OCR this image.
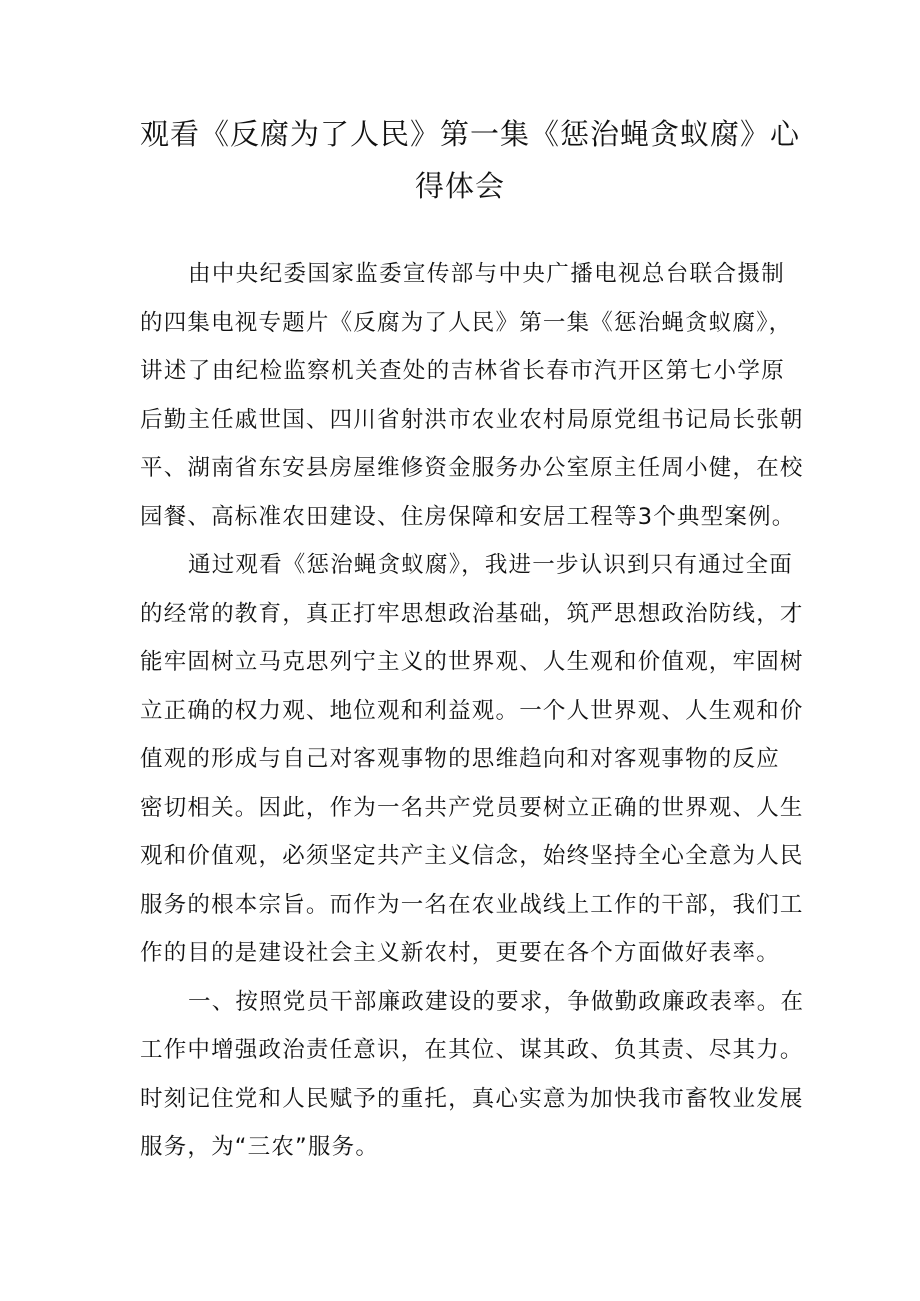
观看《反腐为了人民》第一集《惩治蝇贪蚁腐》心
得体会
由中央纪委国家监委宣传部与中央广播电视总台联合摄制
的四集电视专题片《反腐为了人民》第一集《惩治蝇贪蚁腐》，
讲述了由纪检监察机关查处的吉林省长春市汽开区第七小学原
后勤主任戚世国、四川省射洪市农业农村局原党组书记局长张朝
平、湖南省东安县房屋维修资金服务办公室原主任周小健，在校
园餐、高标准农田建设、住房保障和安居工程等3个典型案例。
通过观看《惩治蝇贪蚁腐》，我进一步认识到只有通过全面
的经常的教育，真正打牢思想政治基础，筑严思想政治防线，才
能牢固树立马克思列宁主义的世界观、人生观和价值观，牢固树
立正确的权力观、地位观和利益观。一个人世界观、人生观和价
值观的形成与自己对客观事物的思维趋向和对客观事物的反应
密切相关。因此，作为一名共产党员要树立正确的世界观、人生
观和价值观，必须坚定共产主义信念，始终坚持全心全意为人民
服务的根本宗旨。而作为一名在农业战线上工作的干部，我们工
作的目的是建设社会主义新农村，更要在各个方面做好表率。
一、按照党员干部廉政建设的要求，争做勤政廉政表率。在
工作中增强政治责任意识，在其位、谋其政、负其责、尽其力。
时刻记住党和人民赋予的重托，真心实意为加快我市畜牧业发展
服务，为“三农”服务。
